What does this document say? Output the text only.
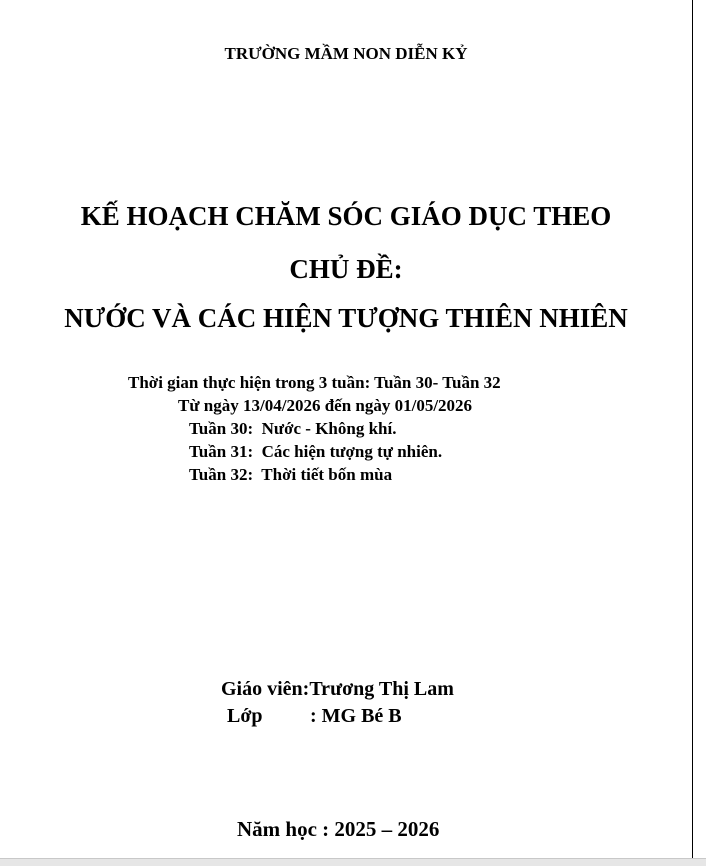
TRƯỜNG MẦM NON DIỄN KỶ
KẾ HOẠCH CHĂM SÓC GIÁO DỤC THEO
CHỦ ĐỀ:
NƯỚC VÀ CÁC HIỆN TƯỢNG THIÊN NHIÊN
Thời gian thực hiện trong 3 tuần: Tuần 30- Tuần 32
Từ ngày 13/04/2026 đến ngày 01/05/2026
Tuần 30:  Nước - Không khí.
Tuần 31:  Các hiện tượng tự nhiên.
Tuần 32:  Thời tiết bốn mùa
Giáo viên:Trương Thị Lam
Lớp : MG Bé B
Năm học : 2025 – 2026
